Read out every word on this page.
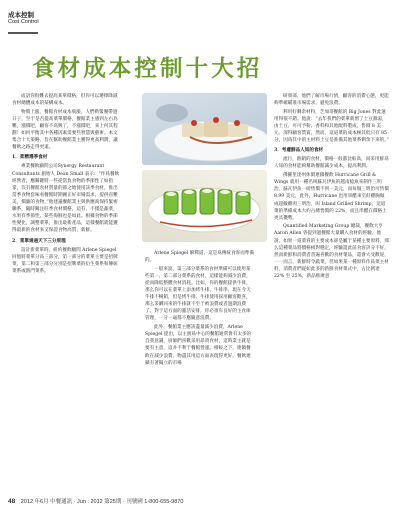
成本控制
Cost Control
食材成本控制十大招

成語你很難去提高某單價格，但你可以選擇降減食材總體成本的某構成本。

物價上漲，餐館食材成本飛漲，人們勒緊腰帶過日子，至于是否提高菜單價格，餐館業主感到左右為難。漲價吧，顧客不高興了，不漲價吧，來上何其程劃！如何平衡其中各種因素需要些智慧與藝術。本文集合十大策略，旨在幫助餐館業主獲得更高利潤，讓餐飲之路走得更遠。

1．柔精選季食材

專業餐飲顧問公司Synergy Restaurant Consultants 創始人 Dean Small 表示：“作爲餐飲經營者，應關鍵將一些從當負食物的季節性了如指掌，沒有餐館食材質量的節之地使用該季食材，推出當季食物套味看餐館時期圖正好市場需求，提供省難美，價廉的食物。”他建議餐館業主與供應商保持緊密聯系，隨時關注旺季食材價格，這有，不僅是蔬菜，水果有季節性，某些海鮮也是如此。根據食物的季節性變化，調整菜單，推出最新產品，這樣餐館就能獲得最新的食材來又保證食物高質，新鮮。

2．菜單通過天下三分原理

設計新菜單時，紐約餐飲顧問 Arlene Spiegel 回憶將菜單分爲三部分，第一部分的菜單主要是招牌菜，第二和第三部分分別是招牌菜的衍生菜系和傳統菜系或熱門菜系。

Arlene Spiegel 解釋道，這是爲傳統食客而準備的。

一般來說，第三部分菜系的食材準備可以使用某些第一、第二部分菜系的食材，這樣能夠減少浪費，從而降低整體食材消耗。比如，你的餐館提供牛排，那么你可以在菜單上添加烤牛排、牛排串，現在今天牛排不暢銷，但是烤牛排、牛排使用採用顧客歡喜，那么采購回來的牛排就不至于被浪費或者過期浪費了。對于這方面的靈活安排，你必須有良好的主食庫管理，一分一毫都不應隨意浪費。

此外，餐館業主應該盡量減少浪費，Arlene Spiegel 提出，以主廚爲中心的餐館通常會有太多的自我意識，厨師們喜歡采用昂貴食材，這時業主就是要有主意，這并不利于餐館營運。相較之下，連鎖餐飲在減少浪費、物盡其用這方面表現得更好，餐飲連鎖有著獨立的市場

研發部，他們了解市場行情，顧客的消費心態，更能夠準確瞄准市場需求，避免浪費。

利用好剩余材料，芝加哥餐館的 Big Jones 對此運用得很不錯。他說：“去年我們的菜單新增了土豆甜湯，由土豆、可可予粉、香料和其他配料製成，售價 8 美元。深得顧客賛賞，然而，這道菜的成本極其低只有 85 分，因爲其中的主材料土豆是准備其他菜系剩余下來的。”

3．考慮鮮品人知的食材

流行，熱銷的食材，價格一般都比較高，而采用鮮爲人知的食材能夠幫助餐館減少成本，提高利潤。

佛羅里達州休閑連鎖餐飲 Hurricane Grill & Wings 就用一種名叫蘇瓦伊魚的越南鯰魚來制作三明治，蘇瓦伊魚一磅售價不到一美元，而每個三明治可售價 8.99 美元，此外，Hurricane 也用串醋來烹飪雞胸做成超級雞肉三明治，叫 Island Grilled Shrimp，這道菜的準備成本大約占總售價的 22%，而且串醋在價格上更具優勢。

Quantified Marketing Group 總裁，餐飲大亨 Aaron Allen 曾提到過餐館大量購入食材的經驗，他說，如果一道菜肴的主要成本卻是屬于某種主要原料，那么這種菜品將價格相對穩定，經驗證此前食客評分不好，然而新鮮和消費者普遍喜歡的食材菜品，還會大受歡迎，一一而言，新鮮時令蔬菜，但如果某一種原料作爲菜主材料，消費者們從如此多的新鮮食材菜式中，占比例達 22% 至 25%，新品推廣意

48 2012 年6月 中餐通訊 · Jun . 2012 第25期 · 刊號國 1-800-655-9870
